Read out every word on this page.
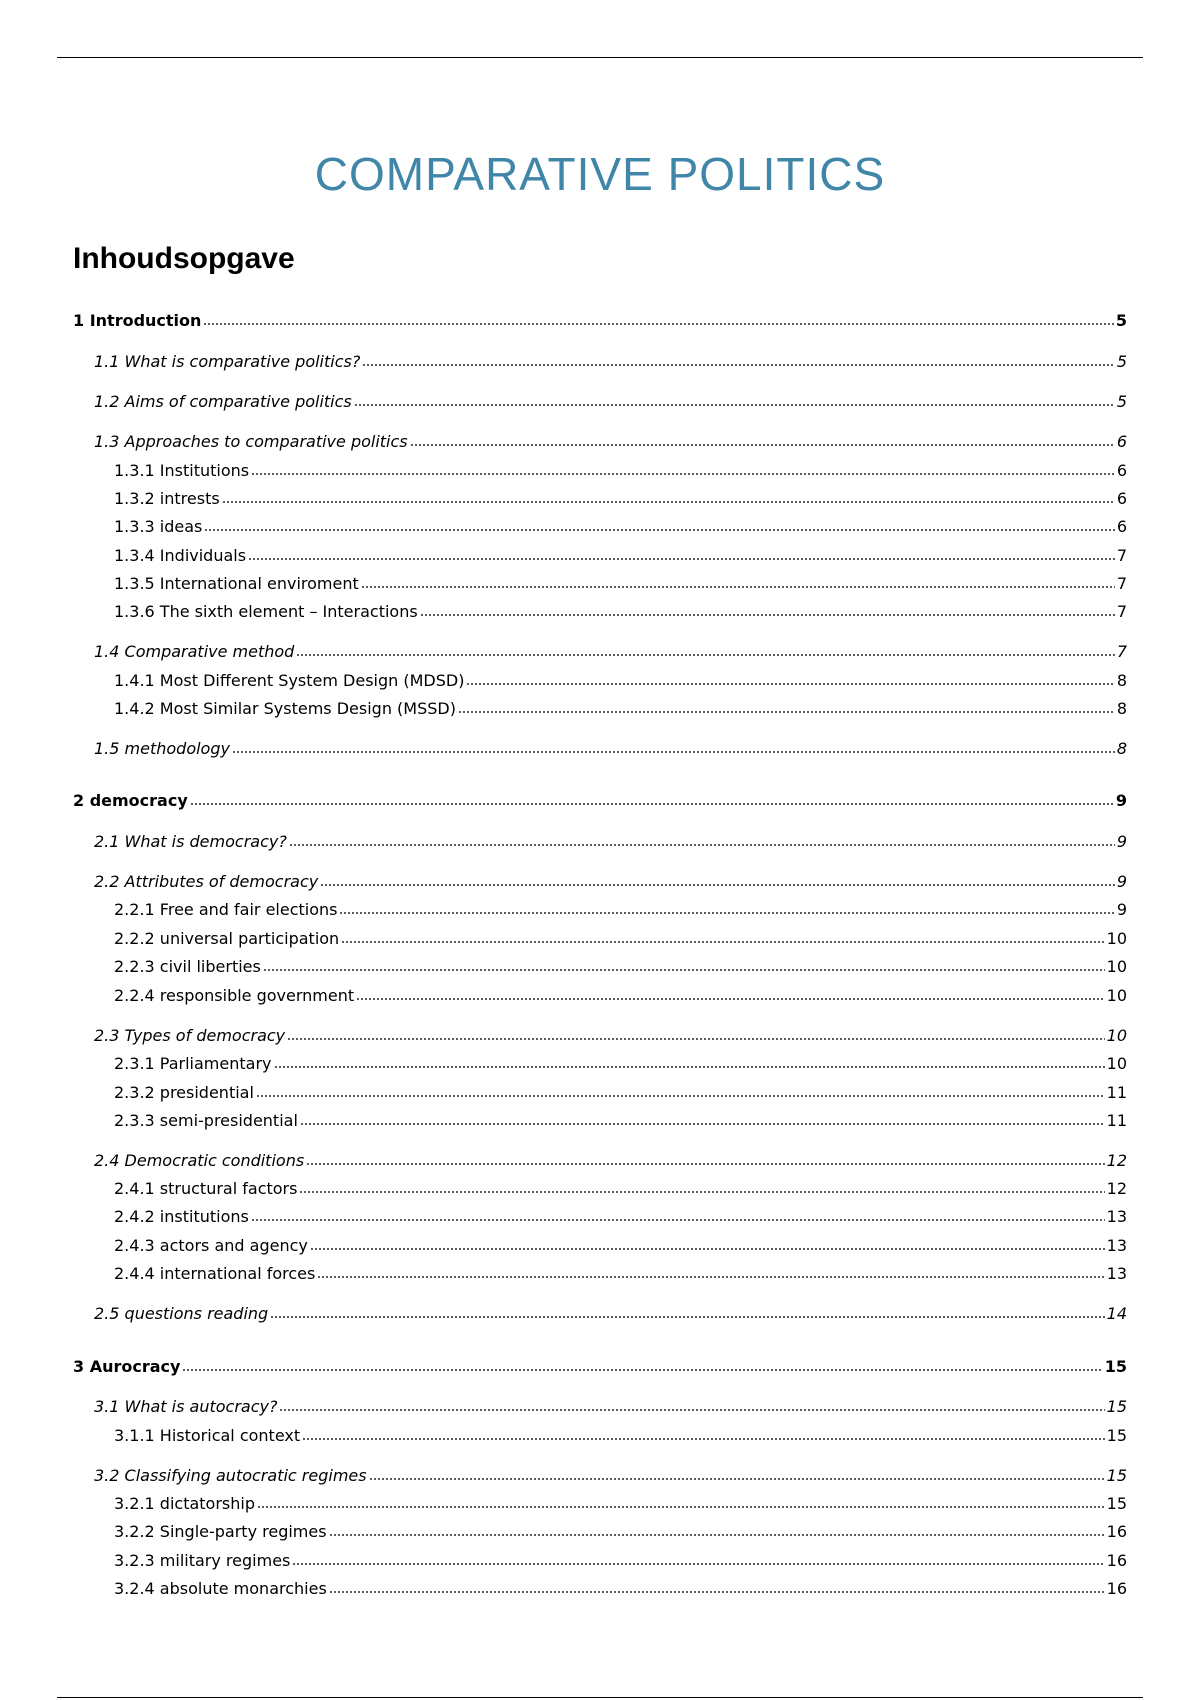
COMPARATIVE POLITICS
Inhoudsopgave
1 Introduction	5
1.1 What is comparative politics?	5
1.2 Aims of comparative politics	5
1.3 Approaches to comparative politics	6
1.3.1 Institutions	6
1.3.2 intrests	6
1.3.3 ideas	6
1.3.4 Individuals	7
1.3.5 International enviroment	7
1.3.6 The sixth element – Interactions	7
1.4 Comparative method	7
1.4.1 Most Different System Design (MDSD)	8
1.4.2 Most Similar Systems Design (MSSD)	8
1.5 methodology	8
2 democracy	9
2.1 What is democracy?	9
2.2 Attributes of democracy	9
2.2.1 Free and fair elections	9
2.2.2 universal participation	10
2.2.3 civil liberties	10
2.2.4 responsible government	10
2.3 Types of democracy	10
2.3.1 Parliamentary	10
2.3.2 presidential	11
2.3.3 semi-presidential	11
2.4 Democratic conditions	12
2.4.1 structural factors	12
2.4.2 institutions	13
2.4.3 actors and agency	13
2.4.4 international forces	13
2.5 questions reading	14
3 Aurocracy	15
3.1 What is autocracy?	15
3.1.1 Historical context	15
3.2 Classifying autocratic regimes	15
3.2.1 dictatorship	15
3.2.2 Single-party regimes	16
3.2.3 military regimes	16
3.2.4 absolute monarchies	16
